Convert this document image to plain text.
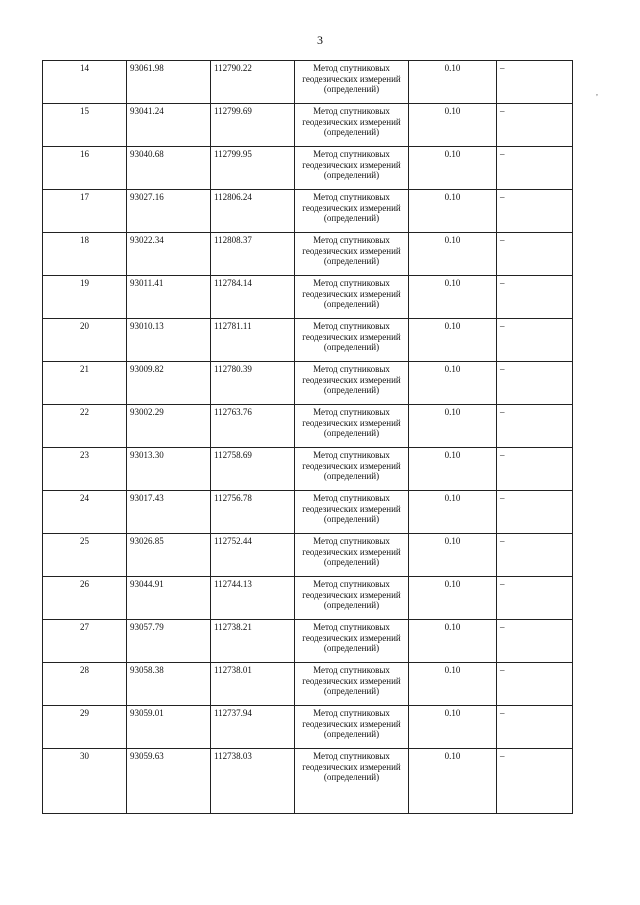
3
,
14	93061.98	112790.22	Метод спутниковых геодезических измерений (определений)	0.10	–
15	93041.24	112799.69	Метод спутниковых геодезических измерений (определений)	0.10	–
16	93040.68	112799.95	Метод спутниковых геодезических измерений (определений)	0.10	–
17	93027.16	112806.24	Метод спутниковых геодезических измерений (определений)	0.10	–
18	93022.34	112808.37	Метод спутниковых геодезических измерений (определений)	0.10	–
19	93011.41	112784.14	Метод спутниковых геодезических измерений (определений)	0.10	–
20	93010.13	112781.11	Метод спутниковых геодезических измерений (определений)	0.10	–
21	93009.82	112780.39	Метод спутниковых геодезических измерений (определений)	0.10	–
22	93002.29	112763.76	Метод спутниковых геодезических измерений (определений)	0.10	–
23	93013.30	112758.69	Метод спутниковых геодезических измерений (определений)	0.10	–
24	93017.43	112756.78	Метод спутниковых геодезических измерений (определений)	0.10	–
25	93026.85	112752.44	Метод спутниковых геодезических измерений (определений)	0.10	–
26	93044.91	112744.13	Метод спутниковых геодезических измерений (определений)	0.10	–
27	93057.79	112738.21	Метод спутниковых геодезических измерений (определений)	0.10	–
28	93058.38	112738.01	Метод спутниковых геодезических измерений (определений)	0.10	–
29	93059.01	112737.94	Метод спутниковых геодезических измерений (определений)	0.10	–
30	93059.63	112738.03	Метод спутниковых геодезических измерений (определений)	0.10	–
